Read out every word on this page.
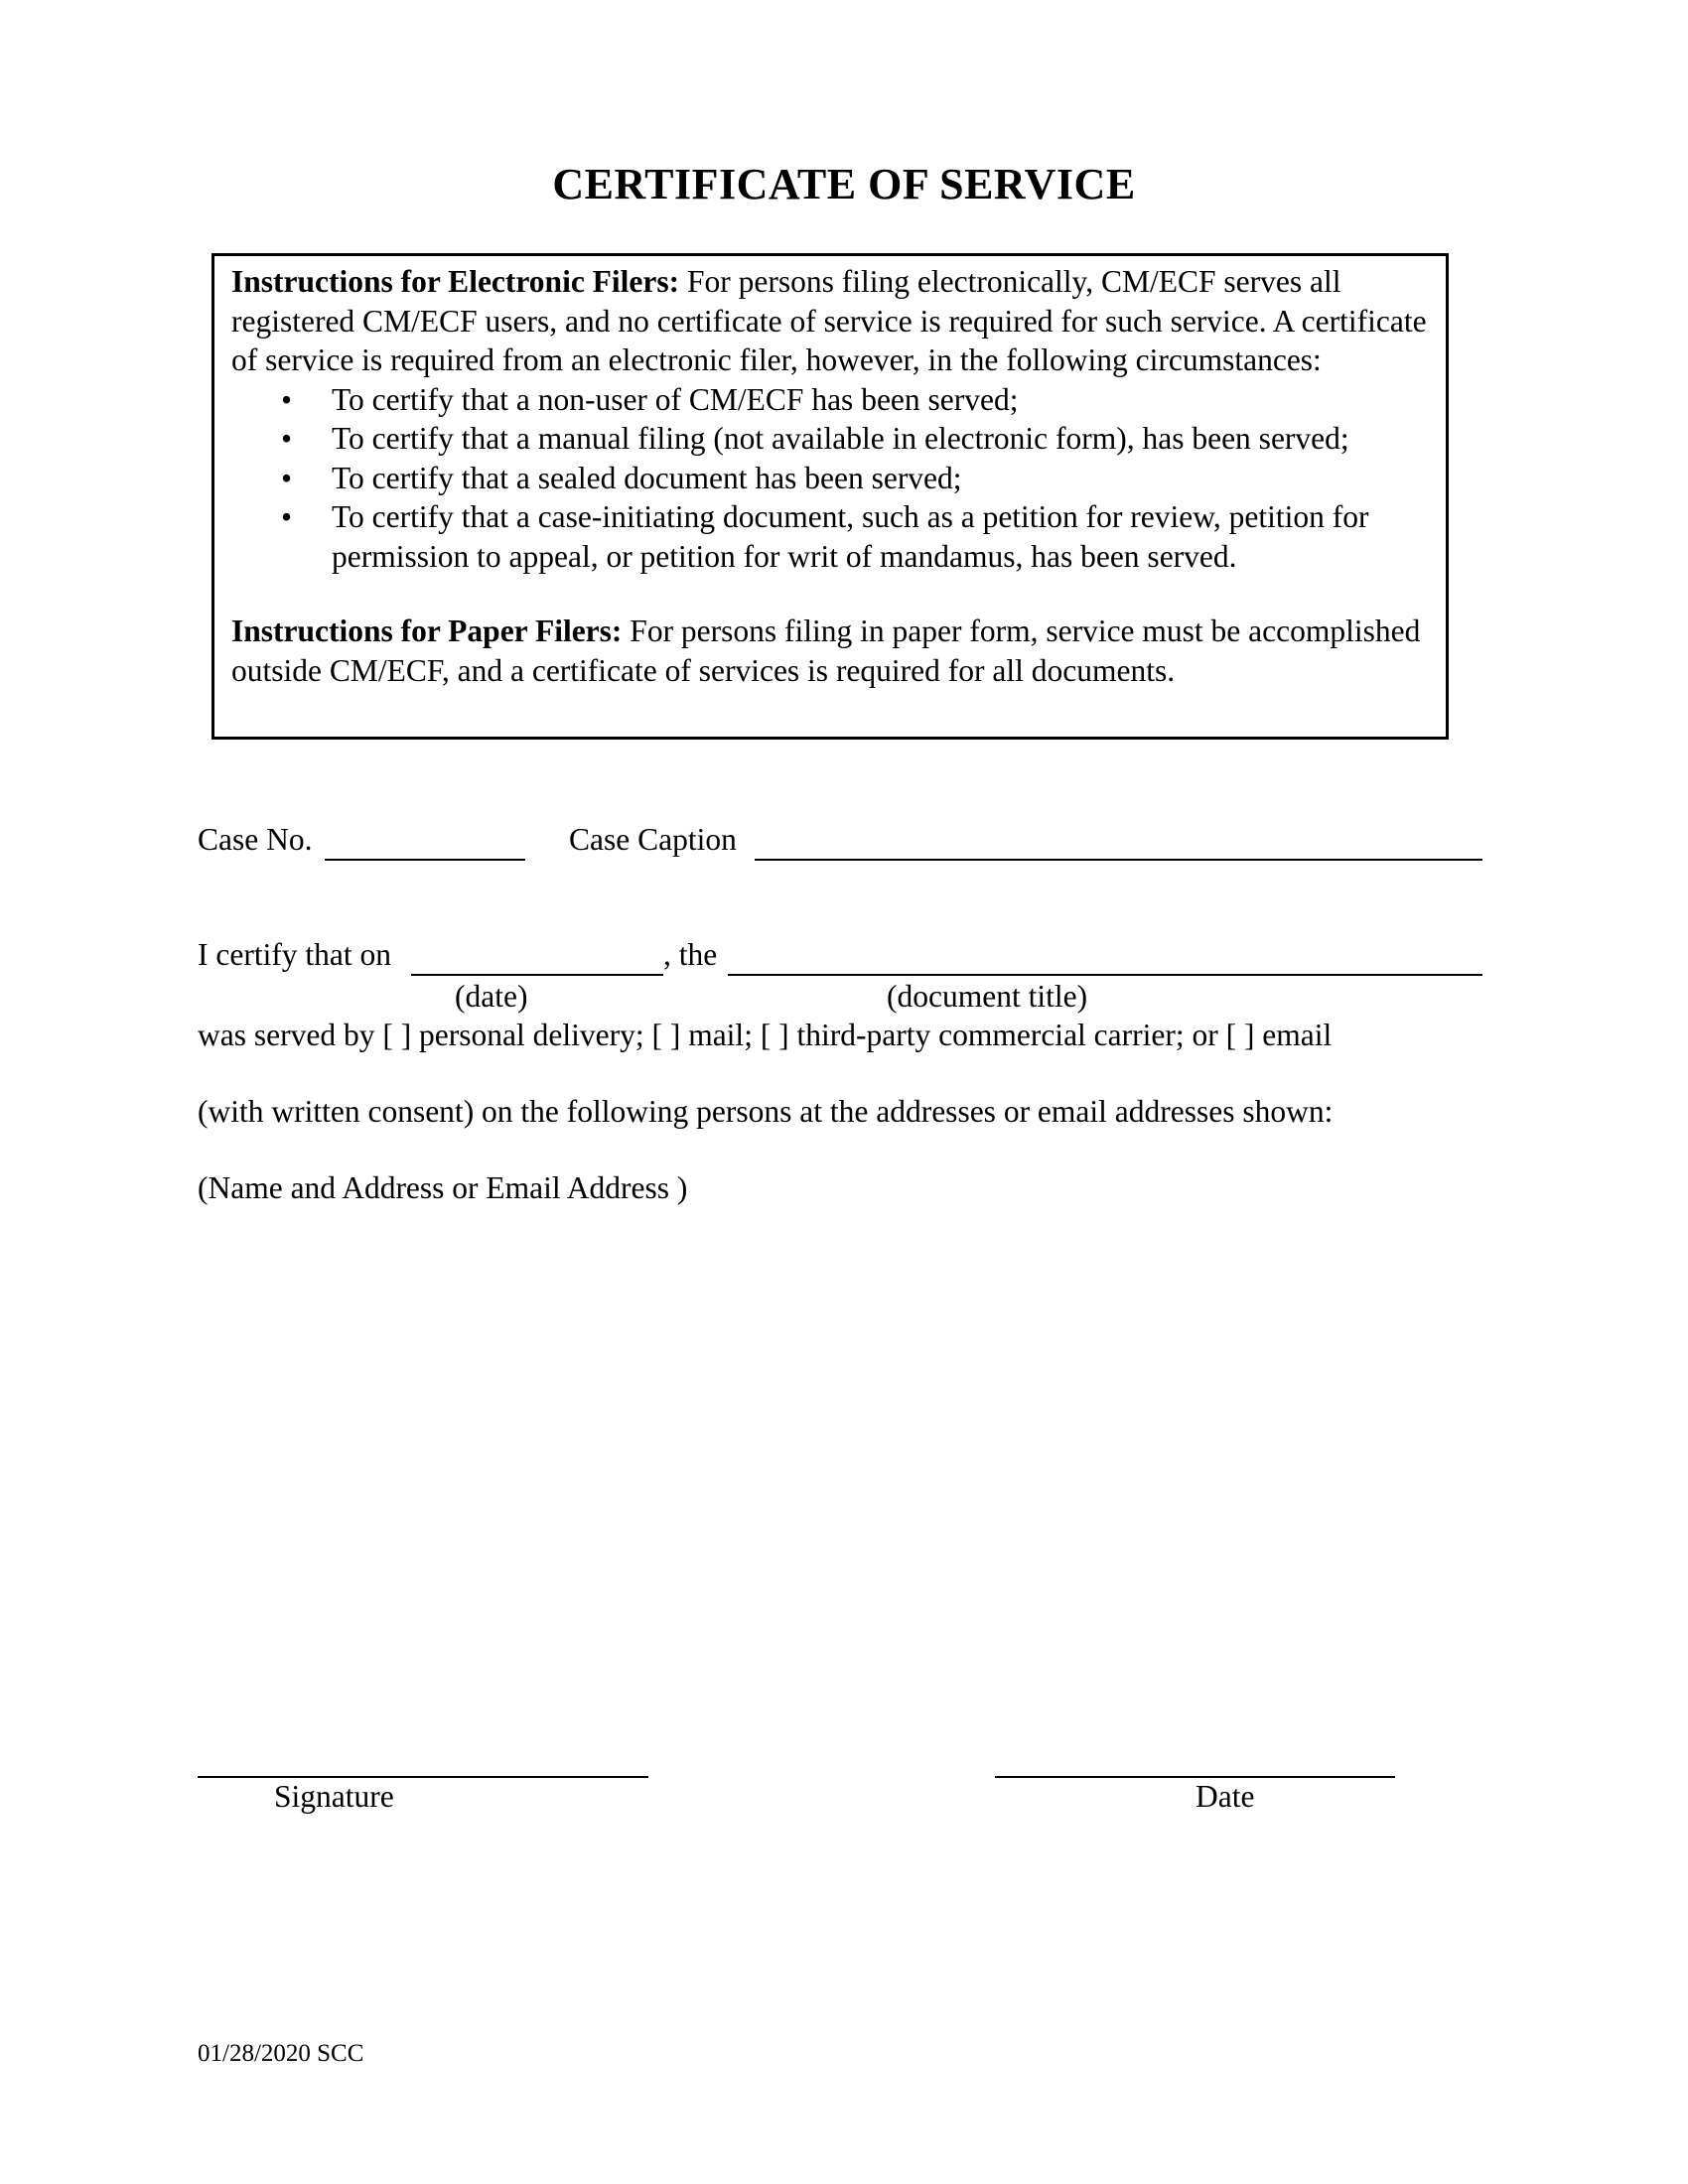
CERTIFICATE OF SERVICE

Instructions for Electronic Filers: For persons filing electronically, CM/ECF serves all registered CM/ECF users, and no certificate of service is required for such service. A certificate of service is required from an electronic filer, however, in the following circumstances:

• To certify that a non-user of CM/ECF has been served;
• To certify that a manual filing (not available in electronic form), has been served;
• To certify that a sealed document has been served;
• To certify that a case-initiating document, such as a petition for review, petition for permission to appeal, or petition for writ of mandamus, has been served.

Instructions for Paper Filers: For persons filing in paper form, service must be accomplished outside CM/ECF, and a certificate of services is required for all documents.

Case No.	Case Caption
I certify that on	, the
(date)	(document title)
was served by [ ] personal delivery; [ ] mail; [ ] third-party commercial carrier; or [ ] email
(with written consent) on the following persons at the addresses or email addresses shown:
(Name and Address or Email Address )
Signature	Date
01/28/2020 SCC
